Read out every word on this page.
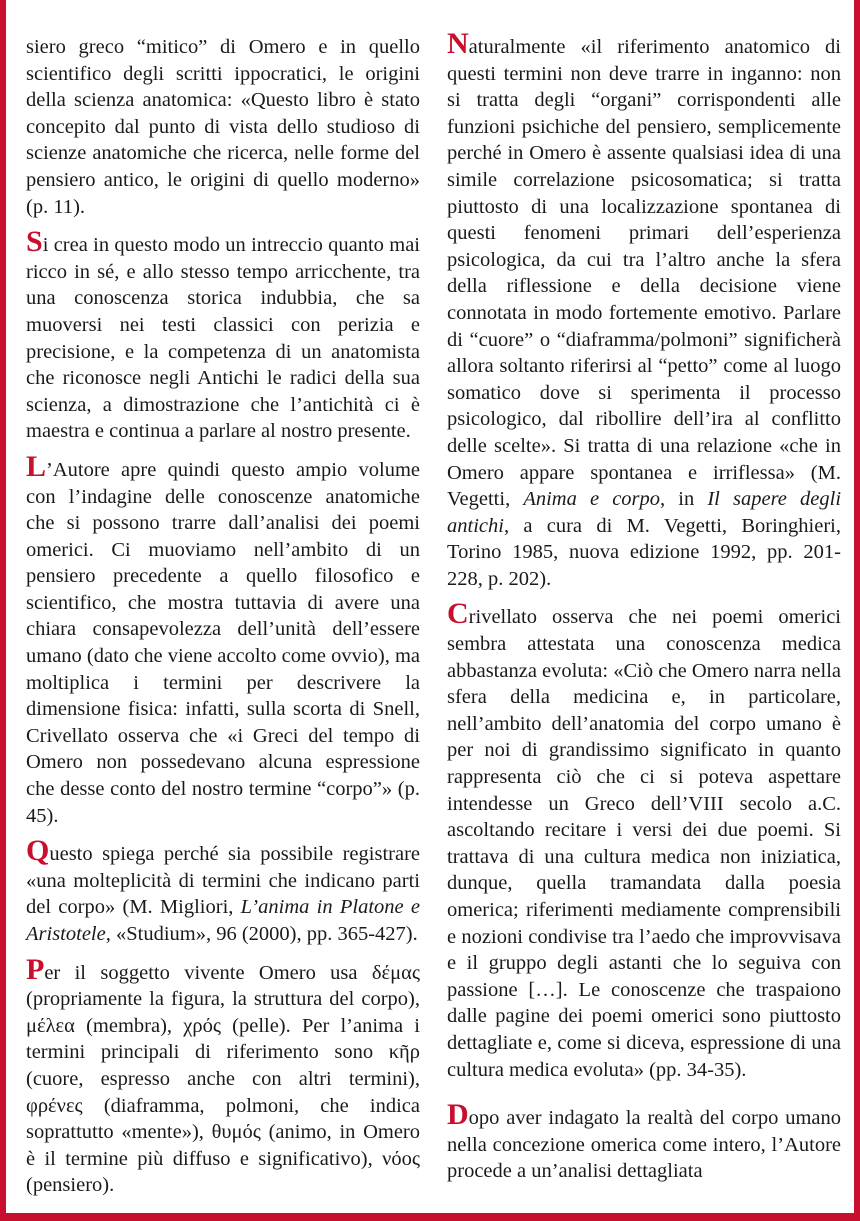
siero greco “mitico” di Omero e in quello scientifico degli scritti ippocratici, le origini della scienza anatomica: «Questo libro è stato concepito dal punto di vista dello studioso di scienze anatomiche che ricerca, nelle forme del pensiero antico, le origini di quello moderno» (p. 11).

Si crea in questo modo un intreccio quanto mai ricco in sé, e allo stesso tempo arricchente, tra una conoscenza storica indubbia, che sa muoversi nei testi classici con perizia e precisione, e la competenza di un anatomista che riconosce negli Antichi le radici della sua scienza, a dimostrazione che l’antichità ci è maestra e continua a parlare al nostro presente.

L’Autore apre quindi questo ampio volume con l’indagine delle conoscenze anatomiche che si possono trarre dall’analisi dei poemi omerici. Ci muoviamo nell’ambito di un pensiero precedente a quello filosofico e scientifico, che mostra tuttavia di avere una chiara consapevolezza dell’unità dell’essere umano (dato che viene accolto come ovvio), ma moltiplica i termini per descrivere la dimensione fisica: infatti, sulla scorta di Snell, Crivellato osserva che «i Greci del tempo di Omero non possedevano alcuna espressione che desse conto del nostro termine “corpo”» (p. 45).

Questo spiega perché sia possibile registrare «una molteplicità di termini che indicano parti del corpo» (M. Migliori, L’anima in Platone e Aristotele, «Studium», 96 (2000), pp. 365-427).

Per il soggetto vivente Omero usa δέμας (propriamente la figura, la struttura del corpo), μέλεα (membra), χρός (pelle). Per l’anima i termini principali di riferimento sono κῆρ (cuore, espresso anche con altri termini), φρένες (diaframma, polmoni, che indica soprattutto «mente»), θυμός (animo, in Omero è il termine più diffuso e significativo), νόος (pensiero).

Naturalmente «il riferimento anatomico di questi termini non deve trarre in inganno: non si tratta degli “organi” corrispondenti alle funzioni psichiche del pensiero, semplicemente perché in Omero è assente qualsiasi idea di una simile correlazione psicosomatica; si tratta piuttosto di una localizzazione spontanea di questi fenomeni primari dell’esperienza psicologica, da cui tra l’altro anche la sfera della riflessione e della decisione viene connotata in modo fortemente emotivo. Parlare di “cuore” o “diaframma/polmoni” significherà allora soltanto riferirsi al “petto” come al luogo somatico dove si sperimenta il processo psicologico, dal ribollire dell’ira al conflitto delle scelte». Si tratta di una relazione «che in Omero appare spontanea e irriflessa» (M. Vegetti, Anima e corpo, in Il sapere degli antichi, a cura di M. Vegetti, Boringhieri, Torino 1985, nuova edizione 1992, pp. 201-228, p. 202).

Crivellato osserva che nei poemi omerici sembra attestata una conoscenza medica abbastanza evoluta: «Ciò che Omero narra nella sfera della medicina e, in particolare, nell’ambito dell’anatomia del corpo umano è per noi di grandissimo significato in quanto rappresenta ciò che ci si poteva aspettare intendesse un Greco dell’VIII secolo a.C. ascoltando recitare i versi dei due poemi. Si trattava di una cultura medica non iniziatica, dunque, quella tramandata dalla poesia omerica; riferimenti mediamente comprensibili e nozioni condivise tra l’aedo che improvvisava e il gruppo degli astanti che lo seguiva con passione […]. Le conoscenze che traspaiono dalle pagine dei poemi omerici sono piuttosto dettagliate e, come si diceva, espressione di una cultura medica evoluta» (pp. 34-35).

Dopo aver indagato la realtà del corpo umano nella concezione omerica come intero, l’Autore procede a un’analisi dettagliata
